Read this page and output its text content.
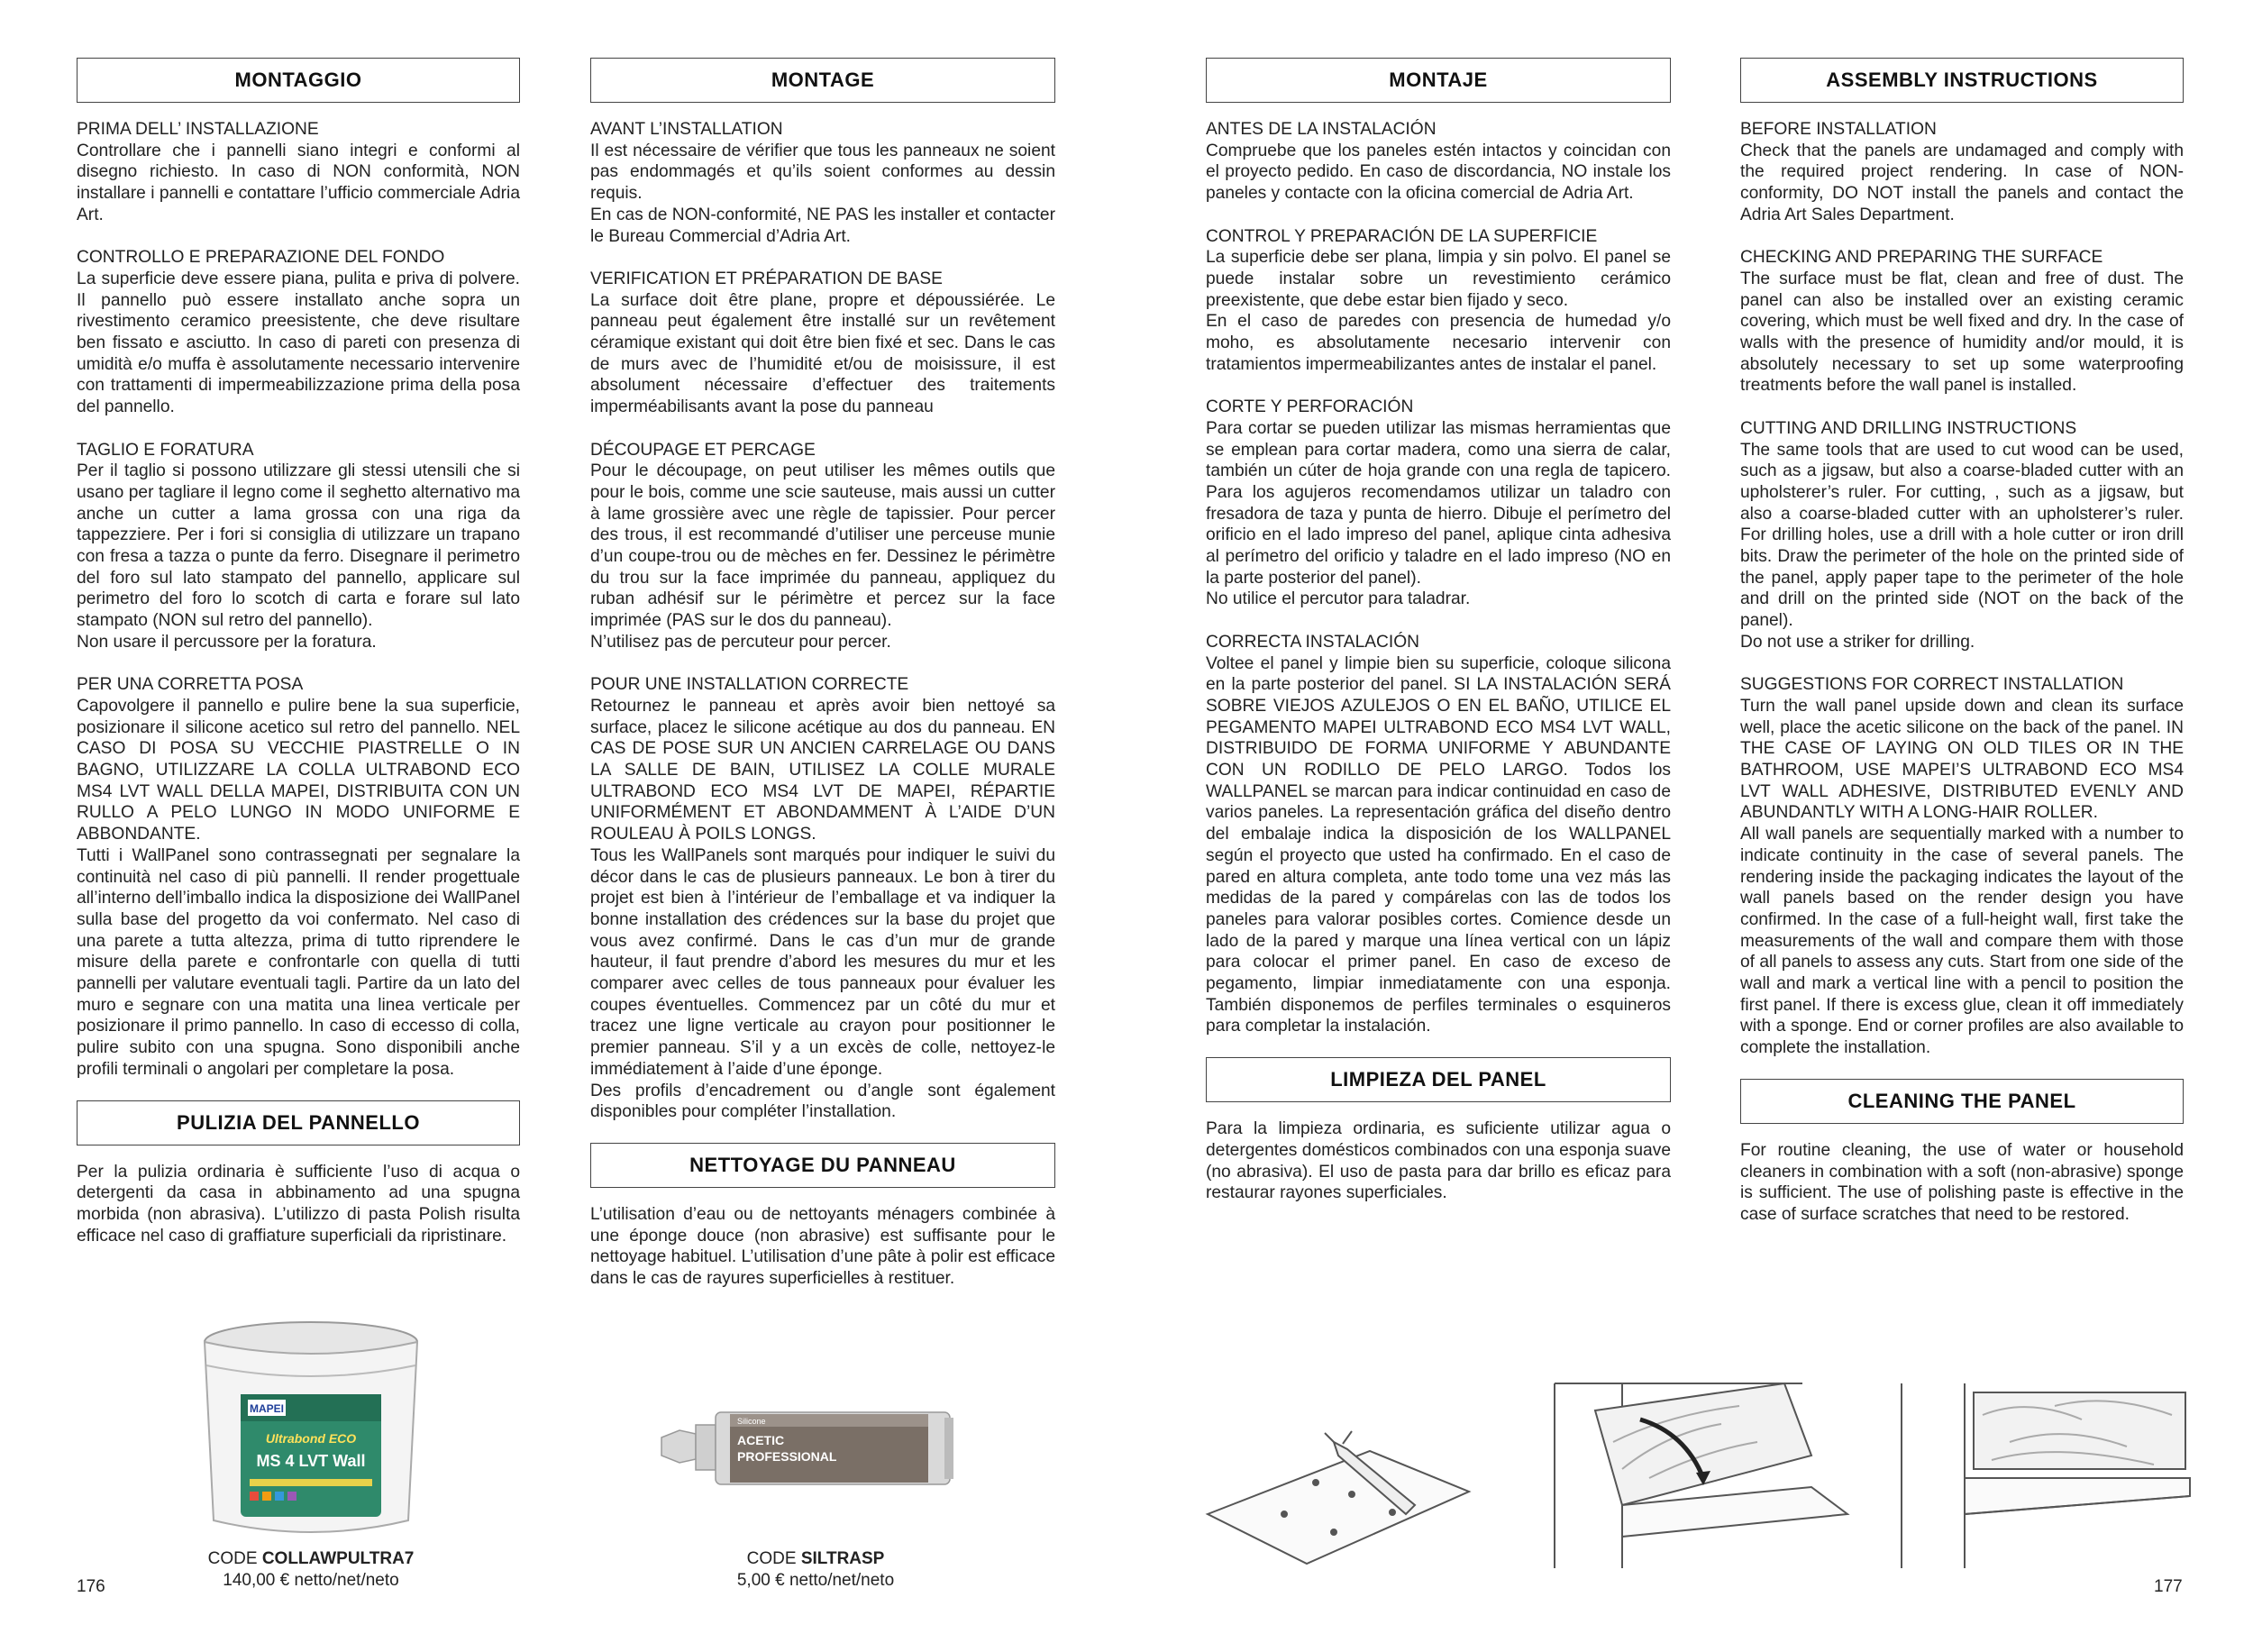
MONTAGGIO

PRIMA DELL’ INSTALLAZIONE

Controllare che i pannelli siano integri e conformi al disegno richiesto. In caso di NON conformità, NON installare i pannelli e contattare l’ufficio commerciale Adria Art.

CONTROLLO E PREPARAZIONE DEL FONDO

La superficie deve essere piana, pulita e priva di polvere. Il pannello può essere installato anche sopra un rivestimento ceramico preesistente, che deve risultare ben fissato e asciutto. In caso di pareti con presenza di umidità e/o muffa è assolutamente necessario intervenire con trattamenti di impermeabilizzazione prima della posa del pannello.

TAGLIO E FORATURA

Per il taglio si possono utilizzare gli stessi utensili che si usano per tagliare il legno come il seghetto alternativo ma anche un cutter a lama grossa con una riga da tappezziere. Per i fori si consiglia di utilizzare un trapano con fresa a tazza o punte da ferro. Disegnare il perimetro del foro sul lato stampato del pannello, applicare sul perimetro del foro lo scotch di carta e forare sul lato stampato (NON sul retro del pannello).

Non usare il percussore per la foratura.

PER UNA CORRETTA POSA

Capovolgere il pannello e pulire bene la sua superficie, posizionare il silicone acetico sul retro del pannello. NEL CASO DI POSA SU VECCHIE PIASTRELLE O IN BAGNO, UTILIZZARE LA COLLA ULTRABOND ECO MS4 LVT WALL DELLA MAPEI, DISTRIBUITA CON UN RULLO A PELO LUNGO IN MODO UNIFORME E ABBONDANTE.

Tutti i WallPanel sono contrassegnati per segnalare la continuità nel caso di più pannelli. Il render progettuale all’interno dell’imballo indica la disposizione dei WallPanel sulla base del progetto da voi confermato. Nel caso di una parete a tutta altezza, prima di tutto riprendere le misure della parete e confrontarle con quella di tutti pannelli per valutare eventuali tagli. Partire da un lato del muro e segnare con una matita una linea verticale per posizionare il primo pannello. In caso di eccesso di colla, pulire subito con una spugna. Sono disponibili anche profili terminali o angolari per completare la posa.

PULIZIA DEL PANNELLO

Per la pulizia ordinaria è sufficiente l’uso di acqua o detergenti da casa in abbinamento ad una spugna morbida (non abrasiva). L’utilizzo di pasta Polish risulta efficace nel caso di graffiature superficiali da ripristinare.

MONTAGE

AVANT L’INSTALLATION

Il est nécessaire de vérifier que tous les panneaux ne soient pas endommagés et qu’ils soient conformes au dessin requis.

En cas de NON-conformité, NE PAS les installer et contacter le Bureau Commercial d’Adria Art.

VERIFICATION ET PRÉPARATION DE BASE

La surface doit être plane, propre et dépoussiérée. Le panneau peut également être installé sur un revêtement céramique existant qui doit être bien fixé et sec. Dans le cas de murs avec de l’humidité et/ou de moisissure, il est absolument nécessaire d’effectuer des traitements imperméabilisants avant la pose du panneau

DÉCOUPAGE ET PERCAGE

Pour le découpage, on peut utiliser les mêmes outils que pour le bois, comme une scie sauteuse, mais aussi un cutter à lame grossière avec une règle de tapissier. Pour percer des trous, il est recommandé d’utiliser une perceuse munie d’un coupe-trou ou de mèches en fer. Dessinez le périmètre du trou sur la face imprimée du panneau, appliquez du ruban adhésif sur le périmètre et percez sur la face imprimée (PAS sur le dos du panneau).

N’utilisez pas de percuteur pour percer.

POUR UNE INSTALLATION CORRECTE

Retournez le panneau et après avoir bien nettoyé sa surface, placez le silicone acétique au dos du panneau. EN CAS DE POSE SUR UN ANCIEN CARRELAGE OU DANS LA SALLE DE BAIN, UTILISEZ LA COLLE MURALE ULTRABOND ECO MS4 LVT DE MAPEI, RÉPARTIE UNIFORMÉMENT ET ABONDAMMENT À L’AIDE D’UN ROULEAU À POILS LONGS.

Tous les WallPanels sont marqués pour indiquer le suivi du décor dans le cas de plusieurs panneaux. Le bon à tirer du projet est bien à l’intérieur de l’emballage et va indiquer la bonne installation des crédences sur la base du projet que vous avez confirmé. Dans le cas d’un mur de grande hauteur, il faut prendre d’abord les mesures du mur et les comparer avec celles de tous panneaux pour évaluer les coupes éventuelles. Commencez par un côté du mur et tracez une ligne verticale au crayon pour positionner le premier panneau. S’il y a un excès de colle, nettoyez-le immédiatement à l’aide d’une éponge.

Des profils d’encadrement ou d’angle sont également disponibles pour compléter l’installation.

NETTOYAGE DU PANNEAU

L’utilisation d’eau ou de nettoyants ménagers combinée à une éponge douce (non abrasive) est suffisante pour le nettoyage habituel. L’utilisation d’une pâte à polir est efficace dans le cas de rayures superficielles à restituer.

MONTAJE

ANTES DE LA INSTALACIÓN

Compruebe que los paneles estén intactos y coincidan con el proyecto pedido. En caso de discordancia, NO instale los paneles y contacte con la oficina comercial de Adria Art.

CONTROL Y PREPARACIÓN DE LA SUPERFICIE

La superficie debe ser plana, limpia y sin polvo. El panel se puede instalar sobre un revestimiento cerámico preexistente, que debe estar bien fijado y seco.

En el caso de paredes con presencia de humedad y/o moho, es absolutamente necesario intervenir con tratamientos impermeabilizantes antes de instalar el panel.

CORTE Y PERFORACIÓN

Para cortar se pueden utilizar las mismas herramientas que se emplean para cortar madera, como una sierra de calar, también un cúter de hoja grande con una regla de tapicero. Para los agujeros recomendamos utilizar un taladro con fresadora de taza y punta de hierro. Dibuje el perímetro del orificio en el lado impreso del panel, aplique cinta adhesiva al perímetro del orificio y taladre en el lado impreso (NO en la parte posterior del panel).

No utilice el percutor para taladrar.

CORRECTA INSTALACIÓN

Voltee el panel y limpie bien su superficie, coloque silicona en la parte posterior del panel. SI LA INSTALACIÓN SERÁ SOBRE VIEJOS AZULEJOS O EN EL BAÑO, UTILICE EL PEGAMENTO MAPEI ULTRABOND ECO MS4 LVT WALL, DISTRIBUIDO DE FORMA UNIFORME Y ABUNDANTE CON UN RODILLO DE PELO LARGO. Todos los WALLPANEL se marcan para indicar continuidad en caso de varios paneles. La representación gráfica del diseño dentro del embalaje indica la disposición de los WALLPANEL según el proyecto que usted ha confirmado. En el caso de pared en altura completa, ante todo tome una vez más las medidas de la pared y compárelas con las de todos los paneles para valorar posibles cortes. Comience desde un lado de la pared y marque una línea vertical con un lápiz para colocar el primer panel. En caso de exceso de pegamento, limpiar inmediatamente con una esponja. También disponemos de perfiles terminales o esquineros para completar la instalación.

LIMPIEZA DEL PANEL

Para la limpieza ordinaria, es suficiente utilizar agua o detergentes domésticos combinados con una esponja suave (no abrasiva). El uso de pasta para dar brillo es eficaz para restaurar rayones superficiales.

ASSEMBLY INSTRUCTIONS

BEFORE INSTALLATION

Check that the panels are undamaged and comply with the required project rendering. In case of NON-conformity, DO NOT install the panels and contact the Adria Art Sales Department.

CHECKING AND PREPARING THE SURFACE

The surface must be flat, clean and free of dust. The panel can also be installed over an existing ceramic covering, which must be well fixed and dry. In the case of walls with the presence of humidity and/or mould, it is absolutely necessary to set up some waterproofing treatments before the wall panel is installed.

CUTTING AND DRILLING INSTRUCTIONS

The same tools that are used to cut wood can be used, such as a jigsaw, but also a coarse-bladed cutter with an upholsterer’s ruler. For cutting, , such as a jigsaw, but also a coarse-bladed cutter with an upholsterer’s ruler. For drilling holes, use a drill with a hole cutter or iron drill bits. Draw the perimeter of the hole on the printed side of the panel, apply paper tape to the perimeter of the hole and drill on the printed side (NOT on the back of the panel).

Do not use a striker for drilling.

SUGGESTIONS FOR CORRECT INSTALLATION

Turn the wall panel upside down and clean its surface well, place the acetic silicone on the back of the panel. IN THE CASE OF LAYING ON OLD TILES OR IN THE BATHROOM, USE MAPEI’S ULTRABOND ECO MS4 LVT WALL ADHESIVE, DISTRIBUTED EVENLY AND ABUNDANTLY WITH A LONG-HAIR ROLLER.

All wall panels are sequentially marked with a number to indicate continuity in the case of several panels. The rendering inside the packaging indicates the layout of the wall panels based on the render design you have confirmed. In the case of a full-height wall, first take the measurements of the wall and compare them with those of all panels to assess any cuts. Start from one side of the wall and mark a vertical line with a pencil to position the first panel. If there is excess glue, clean it off immediately with a sponge. End or corner profiles are also available to complete the installation.

CLEANING THE PANEL

For routine cleaning, the use of water or household cleaners in combination with a soft (non-abrasive) sponge is sufficient. The use of polishing paste is effective in the case of surface scratches that need to be restored.

MAPEI
Ultrabond ECO
MS 4 LVT Wall
CODE COLLAWPULTRA7
140,00 € netto/net/neto
Silicone
ACETIC
PROFESSIONAL
CODE SILTRASP
5,00 € netto/net/neto
176	177
